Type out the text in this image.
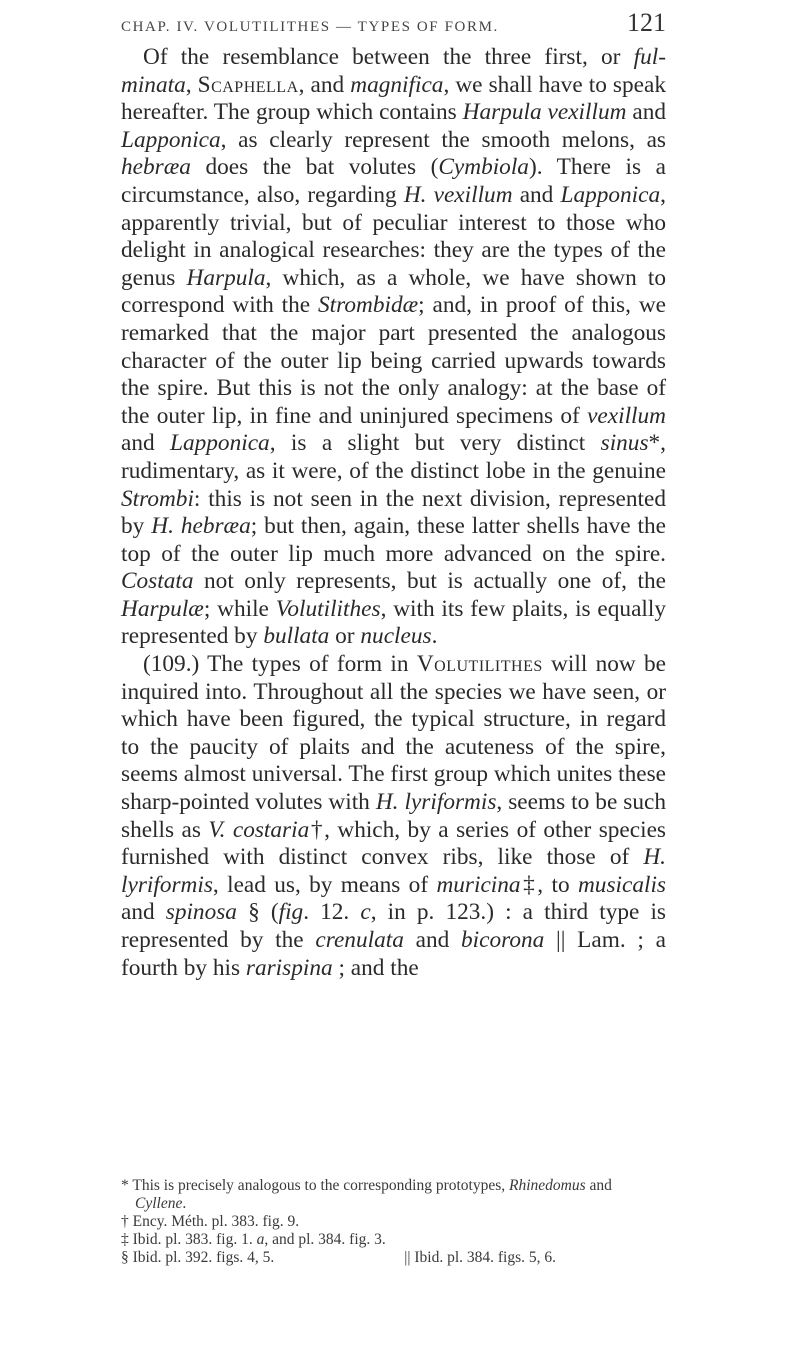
CHAP. IV. VOLUTILITHES — TYPES OF FORM.	121

Of the resemblance between the three first, or ful-minata, Scaphella, and magnifica, we shall have to speak hereafter. The group which contains Harpula vexillum and Lapponica, as clearly represent the smooth melons, as hebræa does the bat volutes (Cymbiola). There is a circumstance, also, regarding H. vexillum and Lapponica, apparently trivial, but of peculiar interest to those who delight in analogical researches: they are the types of the genus Harpula, which, as a whole, we have shown to correspond with the Strombidæ; and, in proof of this, we remarked that the major part presented the analogous character of the outer lip being carried upwards towards the spire. But this is not the only analogy: at the base of the outer lip, in fine and uninjured specimens of vexillum and Lapponica, is a slight but very distinct sinus*, rudimentary, as it were, of the distinct lobe in the genuine Strombi: this is not seen in the next division, represented by H. hebræa; but then, again, these latter shells have the top of the outer lip much more advanced on the spire. Costata not only represents, but is actually one of, the Harpulæ; while Volutilithes, with its few plaits, is equally represented by bullata or nucleus.

(109.) The types of form in Volutilithes will now be inquired into. Throughout all the species we have seen, or which have been figured, the typical structure, in regard to the paucity of plaits and the acuteness of the spire, seems almost universal. The first group which unites these sharp-pointed volutes with H. lyriformis, seems to be such shells as V. costaria†, which, by a series of other species furnished with distinct convex ribs, like those of H. lyriformis, lead us, by means of muricina‡, to musicalis and spinosa § (fig. 12. c, in p. 123.) : a third type is represented by the crenulata and bicorona || Lam. ; a fourth by his rarispina ; and the

* This is precisely analogous to the corresponding prototypes, Rhinedomus and Cyllene.

† Ency. Méth. pl. 383. fig. 9.

‡ Ibid. pl. 383. fig. 1. a, and pl. 384. fig. 3.

§ Ibid. pl. 392. figs. 4, 5.	|| Ibid. pl. 384. figs. 5, 6.
